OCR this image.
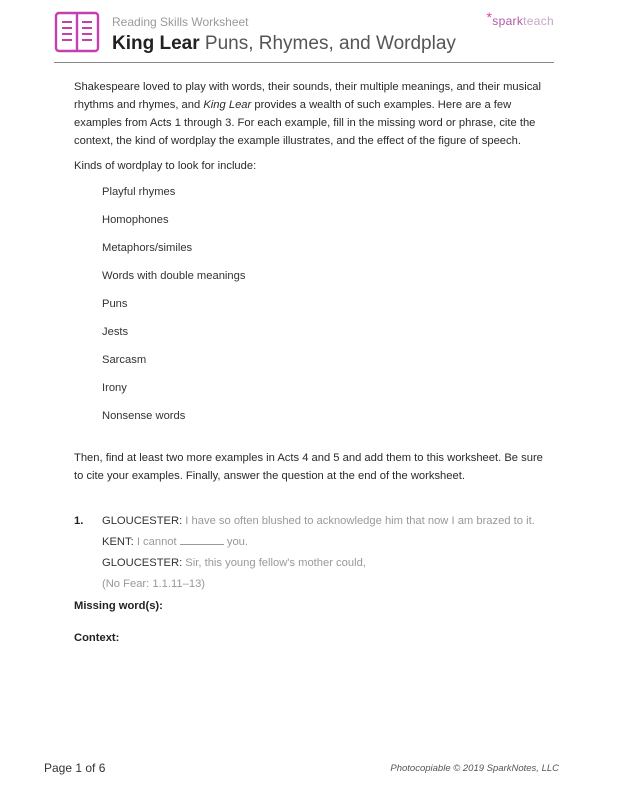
Reading Skills Worksheet
King Lear Puns, Rhymes, and Wordplay
*sparkteach

Shakespeare loved to play with words, their sounds, their multiple meanings, and their musical rhythms and rhymes, and King Lear provides a wealth of such examples. Here are a few examples from Acts 1 through 3. For each example, fill in the missing word or phrase, cite the context, the kind of wordplay the example illustrates, and the effect of the figure of speech.

Kinds of wordplay to look for include:

Playful rhymes
Homophones
Metaphors/similes
Words with double meanings
Puns
Jests
Sarcasm
Irony
Nonsense words

Then, find at least two more examples in Acts 4 and 5 and add them to this worksheet. Be sure to cite your examples. Finally, answer the question at the end of the worksheet.

1. GLOUCESTER: I have so often blushed to acknowledge him that now I am brazed to it.
KENT: I cannot	you.
GLOUCESTER: Sir, this young fellow's mother could,
(No Fear: 1.1.11–13)
Missing word(s):
Context:
Page 1 of 6	Photocopiable © 2019 SparkNotes, LLC
